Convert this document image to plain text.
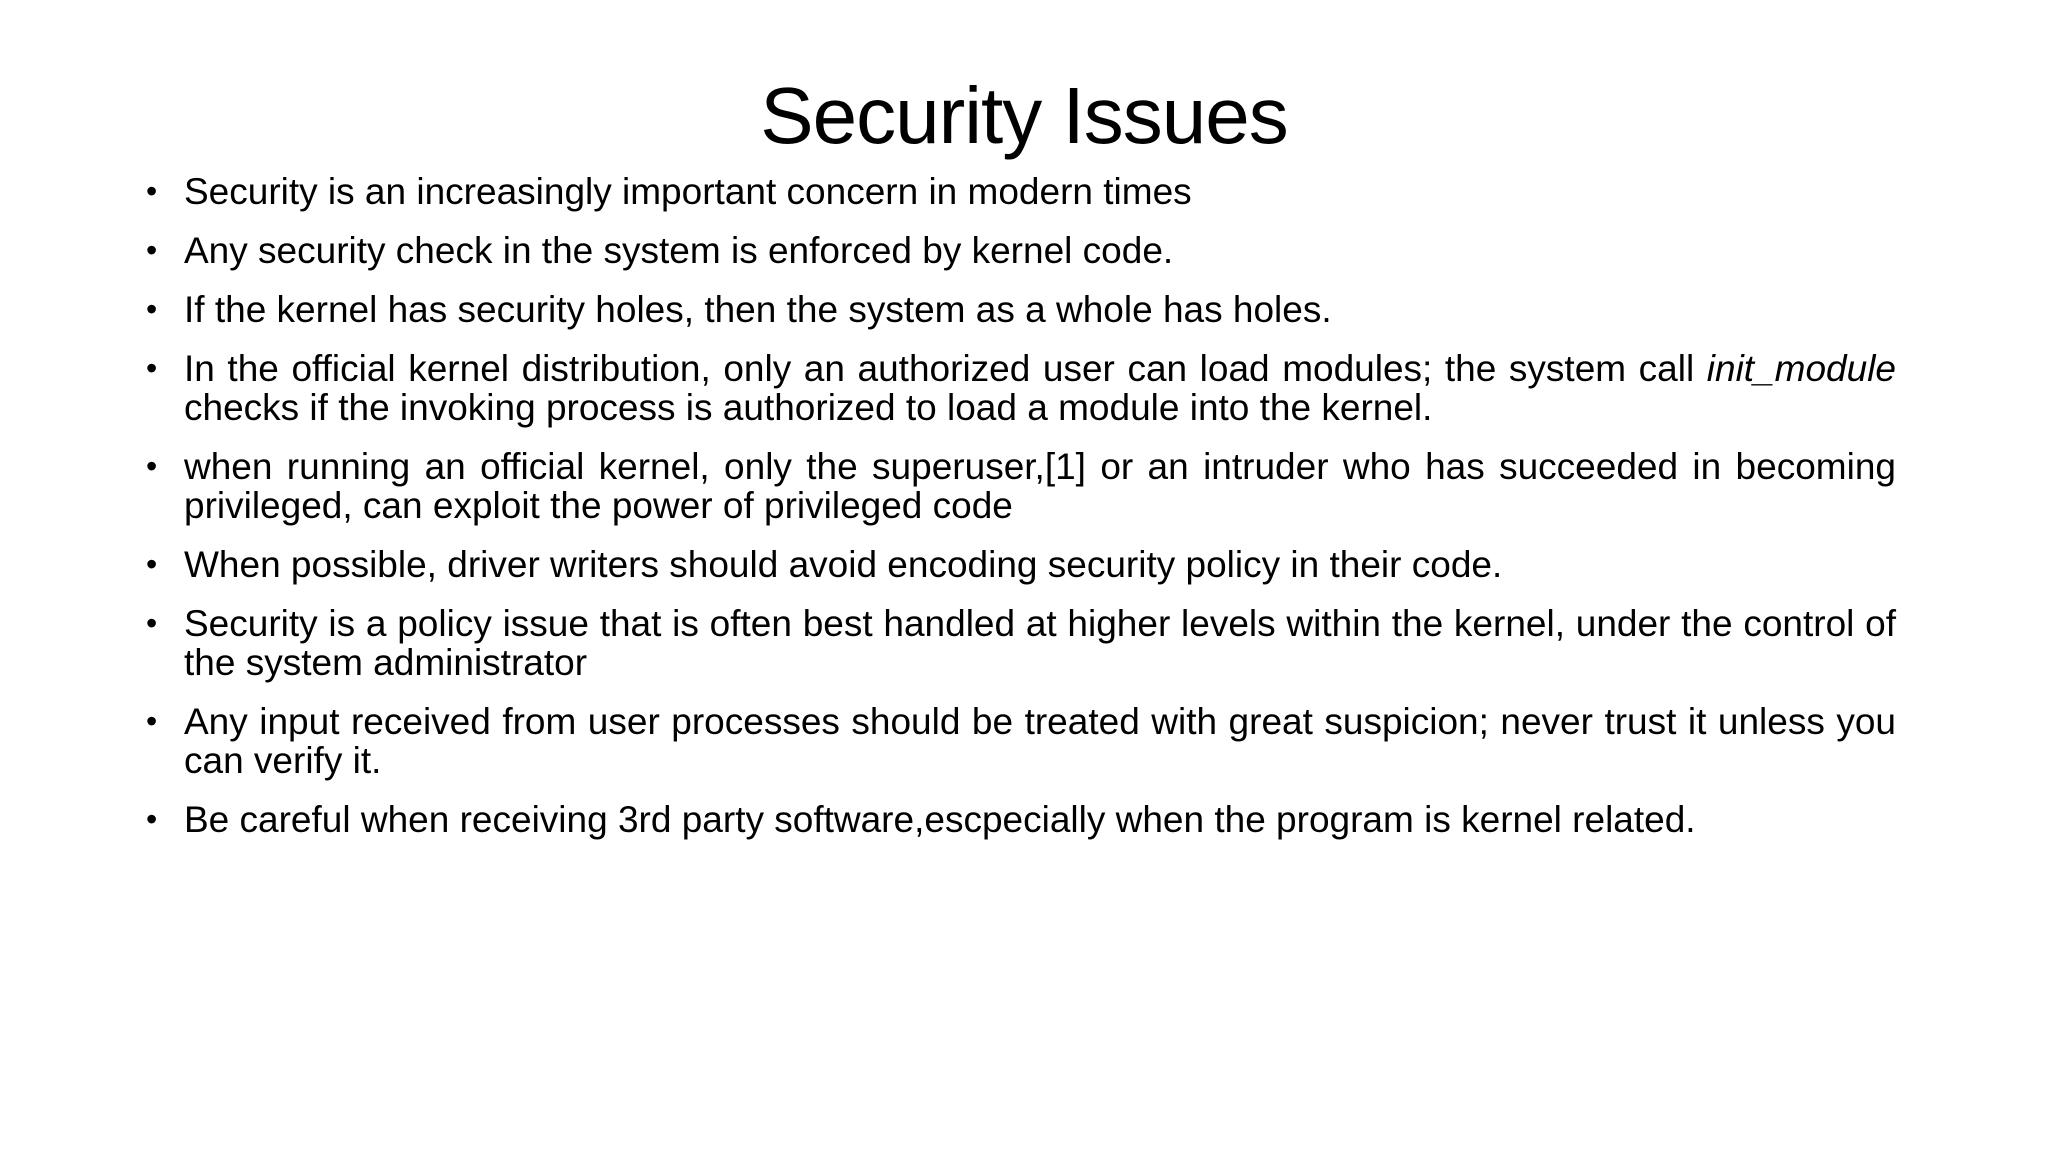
Security Issues
• Security is an increasingly important concern in modern times
• Any security check in the system is enforced by kernel code.
• If the kernel has security holes, then the system as a whole has holes.
• In the official kernel distribution, only an authorized user can load modules; the system call init_module checks if the invoking process is authorized to load a module into the kernel.
• when running an official kernel, only the superuser,[1] or an intruder who has succeeded in becoming privileged, can exploit the power of privileged code
• When possible, driver writers should avoid encoding security policy in their code.
• Security is a policy issue that is often best handled at higher levels within the kernel, under the control of the system administrator
• Any input received from user processes should be treated with great suspicion; never trust it unless you can verify it.
• Be careful when receiving 3rd party software,escpecially when the program is kernel related.
